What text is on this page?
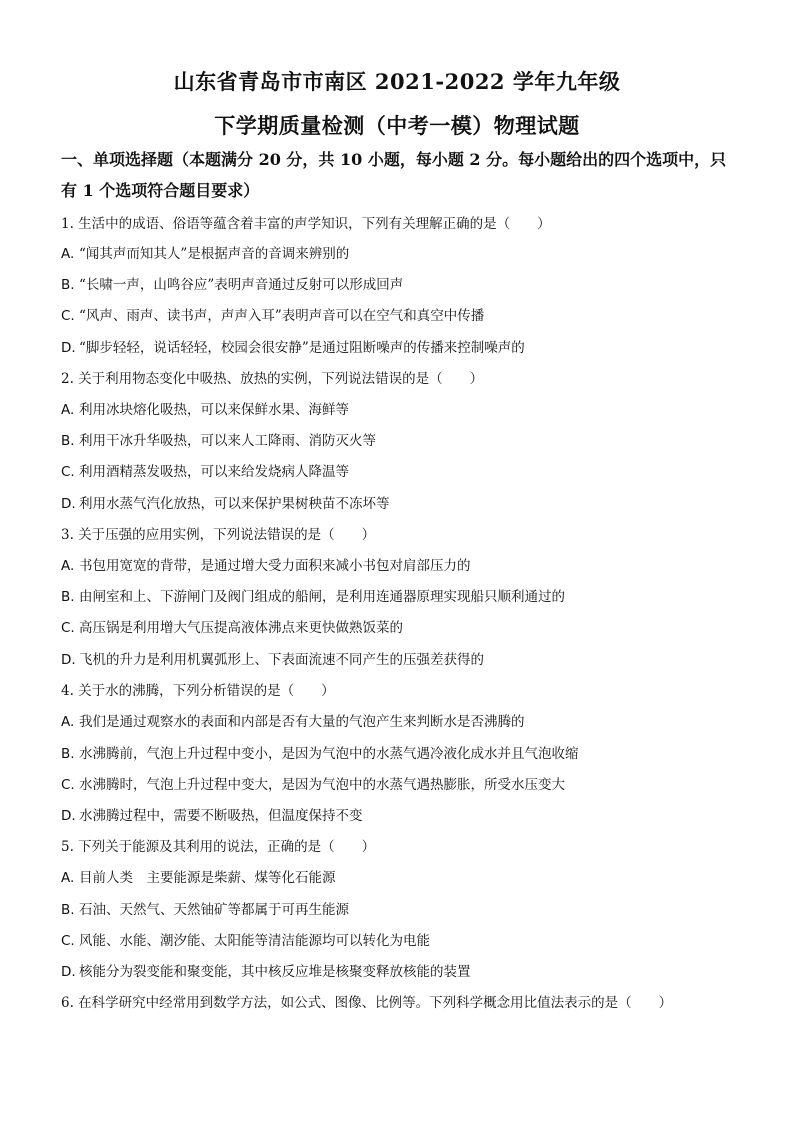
山东省青岛市市南区 2021-2022 学年九年级
下学期质量检测（中考一模）物理试题
一、单项选择题（本题满分 20 分，共 10 小题，每小题 2 分。每小题给出的四个选项中，只
有 1 个选项符合题目要求）
1. 生活中的成语、俗语等蕴含着丰富的声学知识，下列有关理解正确的是（　　）
A. “闻其声而知其人”是根据声音的音调来辨别的
B. “长啸一声，山鸣谷应”表明声音通过反射可以形成回声
C. “风声、雨声、读书声，声声入耳”表明声音可以在空气和真空中传播
D. “脚步轻轻，说话轻轻，校园会很安静”是通过阻断噪声的传播来控制噪声的
2. 关于利用物态变化中吸热、放热的实例，下列说法错误的是（　　）
A. 利用冰块熔化吸热，可以来保鲜水果、海鲜等
B. 利用干冰升华吸热，可以来人工降雨、消防灭火等
C. 利用酒精蒸发吸热，可以来给发烧病人降温等
D. 利用水蒸气汽化放热，可以来保护果树秧苗不冻坏等
3. 关于压强的应用实例，下列说法错误的是（　　）
A. 书包用宽宽的背带，是通过增大受力面积来减小书包对肩部压力的
B. 由闸室和上、下游闸门及阀门组成的船闸，是利用连通器原理实现船只顺利通过的
C. 高压锅是利用增大气压提高液体沸点来更快做熟饭菜的
D. 飞机的升力是利用机翼弧形上、下表面流速不同产生的压强差获得的
4. 关于水的沸腾，下列分析错误的是（　　）
A. 我们是通过观察水的表面和内部是否有大量的气泡产生来判断水是否沸腾的
B. 水沸腾前，气泡上升过程中变小，是因为气泡中的水蒸气遇冷液化成水并且气泡收缩
C. 水沸腾时，气泡上升过程中变大，是因为气泡中的水蒸气遇热膨胀，所受水压变大
D. 水沸腾过程中，需要不断吸热，但温度保持不变
5. 下列关于能源及其利用的说法，正确的是（　　）
A. 目前人类　主要能源是柴薪、煤等化石能源
B. 石油、天然气、天然铀矿等都属于可再生能源
C. 风能、水能、潮汐能、太阳能等清洁能源均可以转化为电能
D. 核能分为裂变能和聚变能，其中核反应堆是核聚变释放核能的装置
6. 在科学研究中经常用到数学方法，如公式、图像、比例等。下列科学概念用比值法表示的是（　　）
